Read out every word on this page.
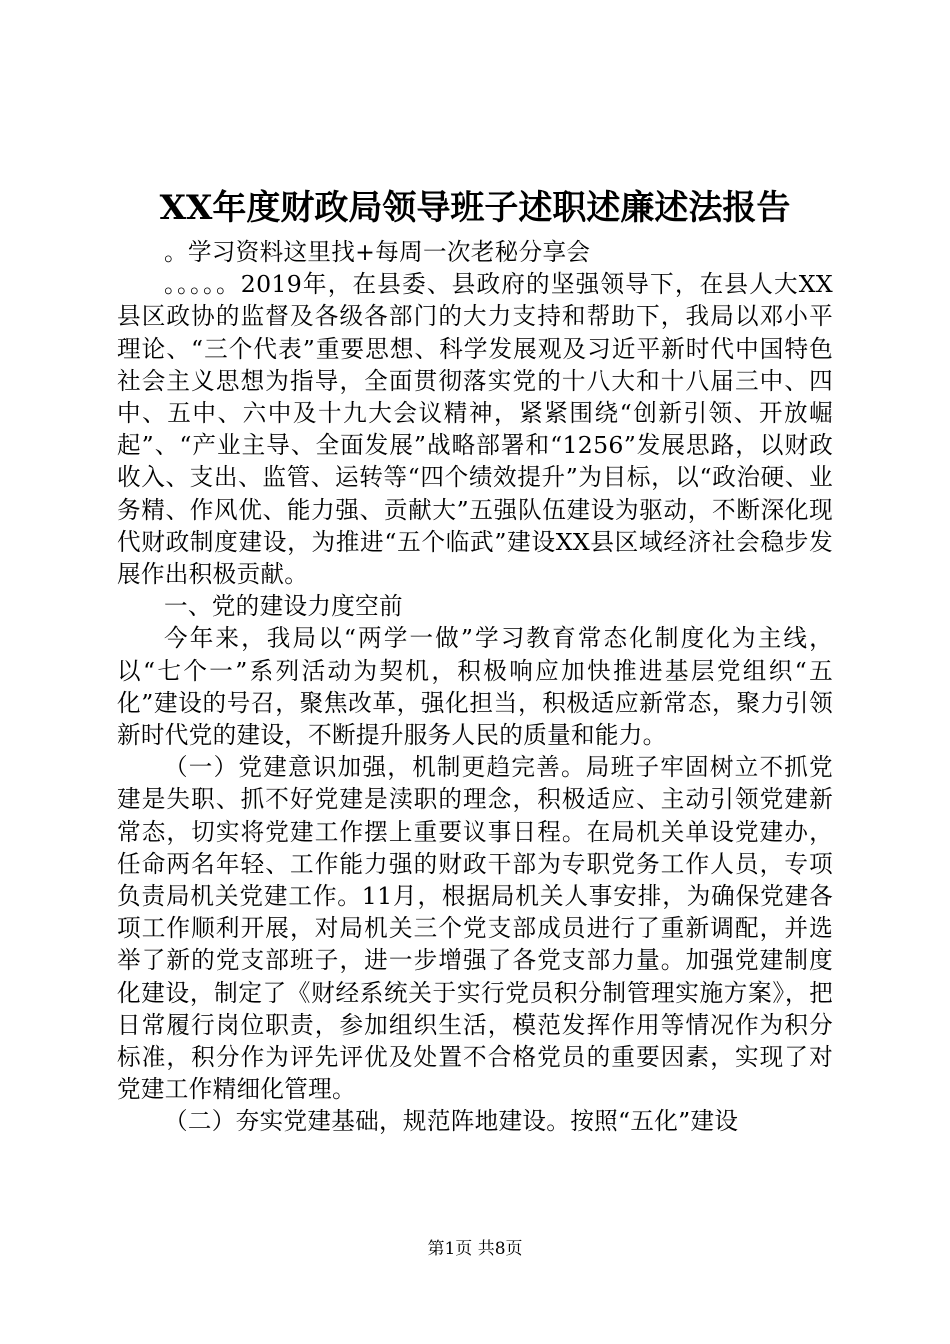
XX年度财政局领导班子述职述廉述法报告

。学习资料这里找+每周一次老秘分享会

。。。。。2019年，在县委、县政府的坚强领导下，在县人大XX县区政协的监督及各级各部门的大力支持和帮助下，我局以邓小平理论、“三个代表”重要思想、科学发展观及习近平新时代中国特色社会主义思想为指导，全面贯彻落实党的十八大和十八届三中、四中、五中、六中及十九大会议精神，紧紧围绕“创新引领、开放崛起”、“产业主导、全面发展”战略部署和“1256”发展思路，以财政收入、支出、监管、运转等“四个绩效提升”为目标，以“政治硬、业务精、作风优、能力强、贡献大”五强队伍建设为驱动，不断深化现代财政制度建设，为推进“五个临武”建设XX县区域经济社会稳步发展作出积极贡献。

一、党的建设力度空前

今年来，我局以“两学一做”学习教育常态化制度化为主线，以“七个一”系列活动为契机，积极响应加快推进基层党组织“五化”建设的号召，聚焦改革，强化担当，积极适应新常态，聚力引领新时代党的建设，不断提升服务人民的质量和能力。

（一）党建意识加强，机制更趋完善。局班子牢固树立不抓党建是失职、抓不好党建是渎职的理念，积极适应、主动引领党建新常态，切实将党建工作摆上重要议事日程。在局机关单设党建办，任命两名年轻、工作能力强的财政干部为专职党务工作人员，专项负责局机关党建工作。11月，根据局机关人事安排，为确保党建各项工作顺利开展，对局机关三个党支部成员进行了重新调配，并选举了新的党支部班子，进一步增强了各党支部力量。加强党建制度化建设，制定了《财经系统关于实行党员积分制管理实施方案》，把日常履行岗位职责，参加组织生活，模范发挥作用等情况作为积分标准，积分作为评先评优及处置不合格党员的重要因素，实现了对党建工作精细化管理。

（二）夯实党建基础，规范阵地建设。按照“五化”建设

第1页 共8页
